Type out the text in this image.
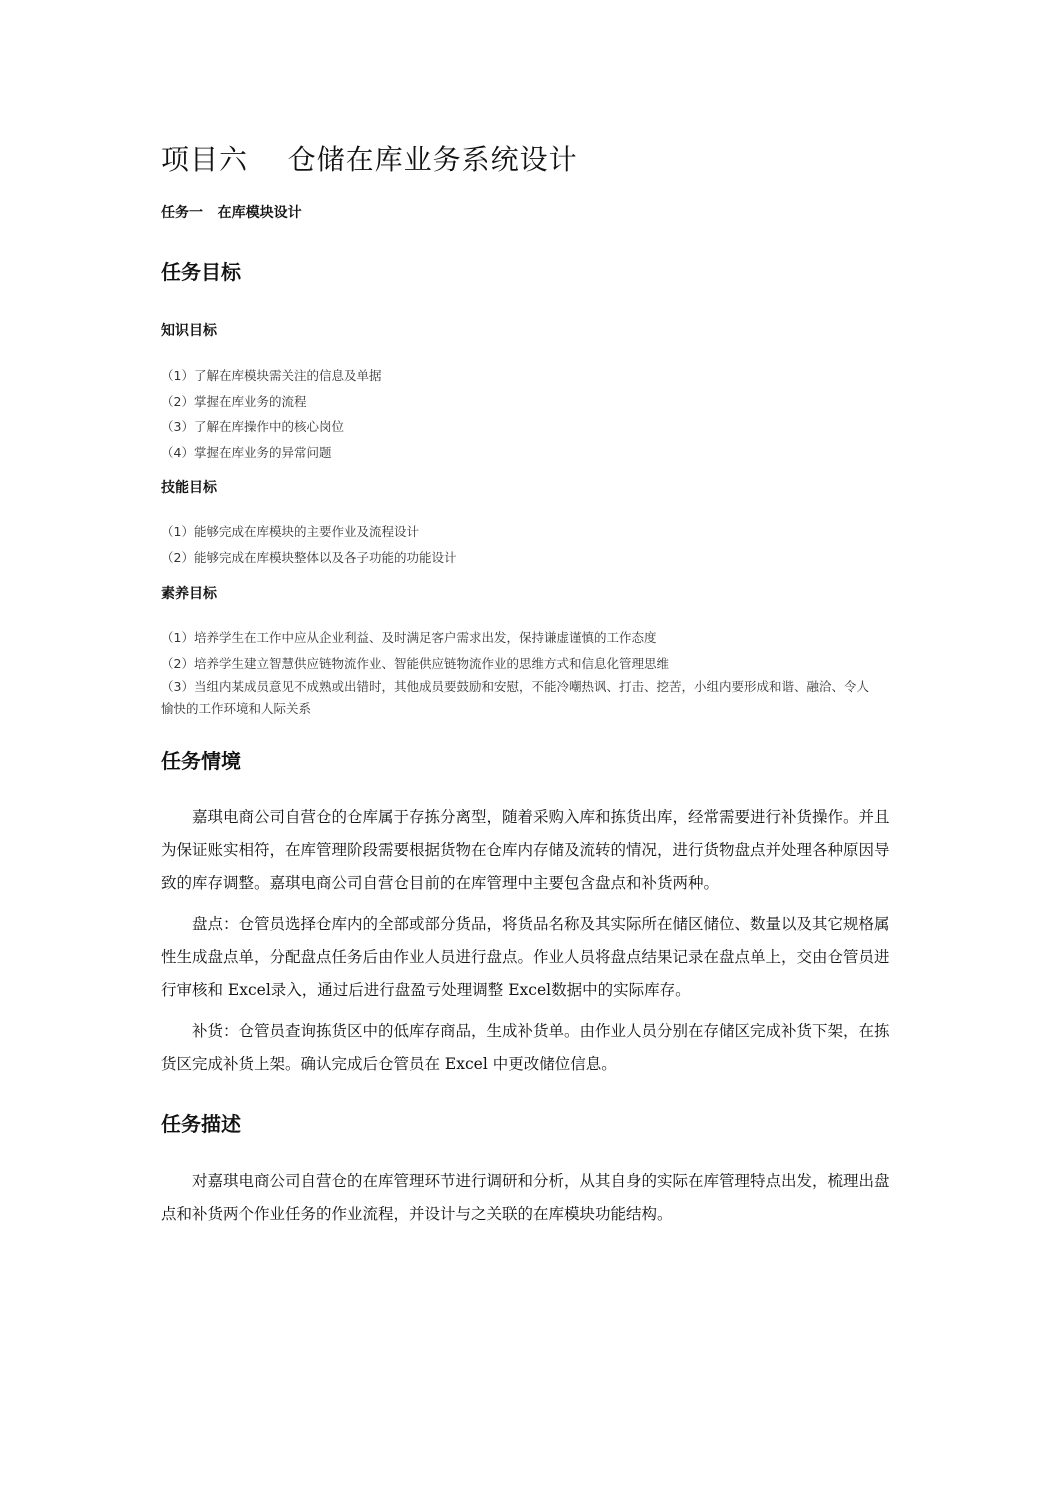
项目六    仓储在库业务系统设计
任务一   在库模块设计
任务目标
知识目标
（1）了解在库模块需关注的信息及单据
（2）掌握在库业务的流程
（3）了解在库操作中的核心岗位
（4）掌握在库业务的异常问题
技能目标
（1）能够完成在库模块的主要作业及流程设计
（2）能够完成在库模块整体以及各子功能的功能设计
素养目标
（1）培养学生在工作中应从企业利益、及时满足客户需求出发，保持谦虚谨慎的工作态度
（2）培养学生建立智慧供应链物流作业、智能供应链物流作业的思维方式和信息化管理思维
（3）当组内某成员意见不成熟或出错时，其他成员要鼓励和安慰，不能冷嘲热讽、打击、挖苦，小组内要形成和谐、融洽、令人愉快的工作环境和人际关系
任务情境

嘉琪电商公司自营仓的仓库属于存拣分离型，随着采购入库和拣货出库，经常需要进行补货操作。并且为保证账实相符，在库管理阶段需要根据货物在仓库内存储及流转的情况，进行货物盘点并处理各种原因导致的库存调整。嘉琪电商公司自营仓目前的在库管理中主要包含盘点和补货两种。

盘点：仓管员选择仓库内的全部或部分货品，将货品名称及其实际所在储区储位、数量以及其它规格属性生成盘点单，分配盘点任务后由作业人员进行盘点。作业人员将盘点结果记录在盘点单上，交由仓管员进行审核和 Excel录入，通过后进行盘盈亏处理调整 Excel数据中的实际库存。

补货：仓管员查询拣货区中的低库存商品，生成补货单。由作业人员分别在存储区完成补货下架，在拣货区完成补货上架。确认完成后仓管员在 Excel 中更改储位信息。

任务描述

对嘉琪电商公司自营仓的在库管理环节进行调研和分析，从其自身的实际在库管理特点出发，梳理出盘点和补货两个作业任务的作业流程，并设计与之关联的在库模块功能结构。
